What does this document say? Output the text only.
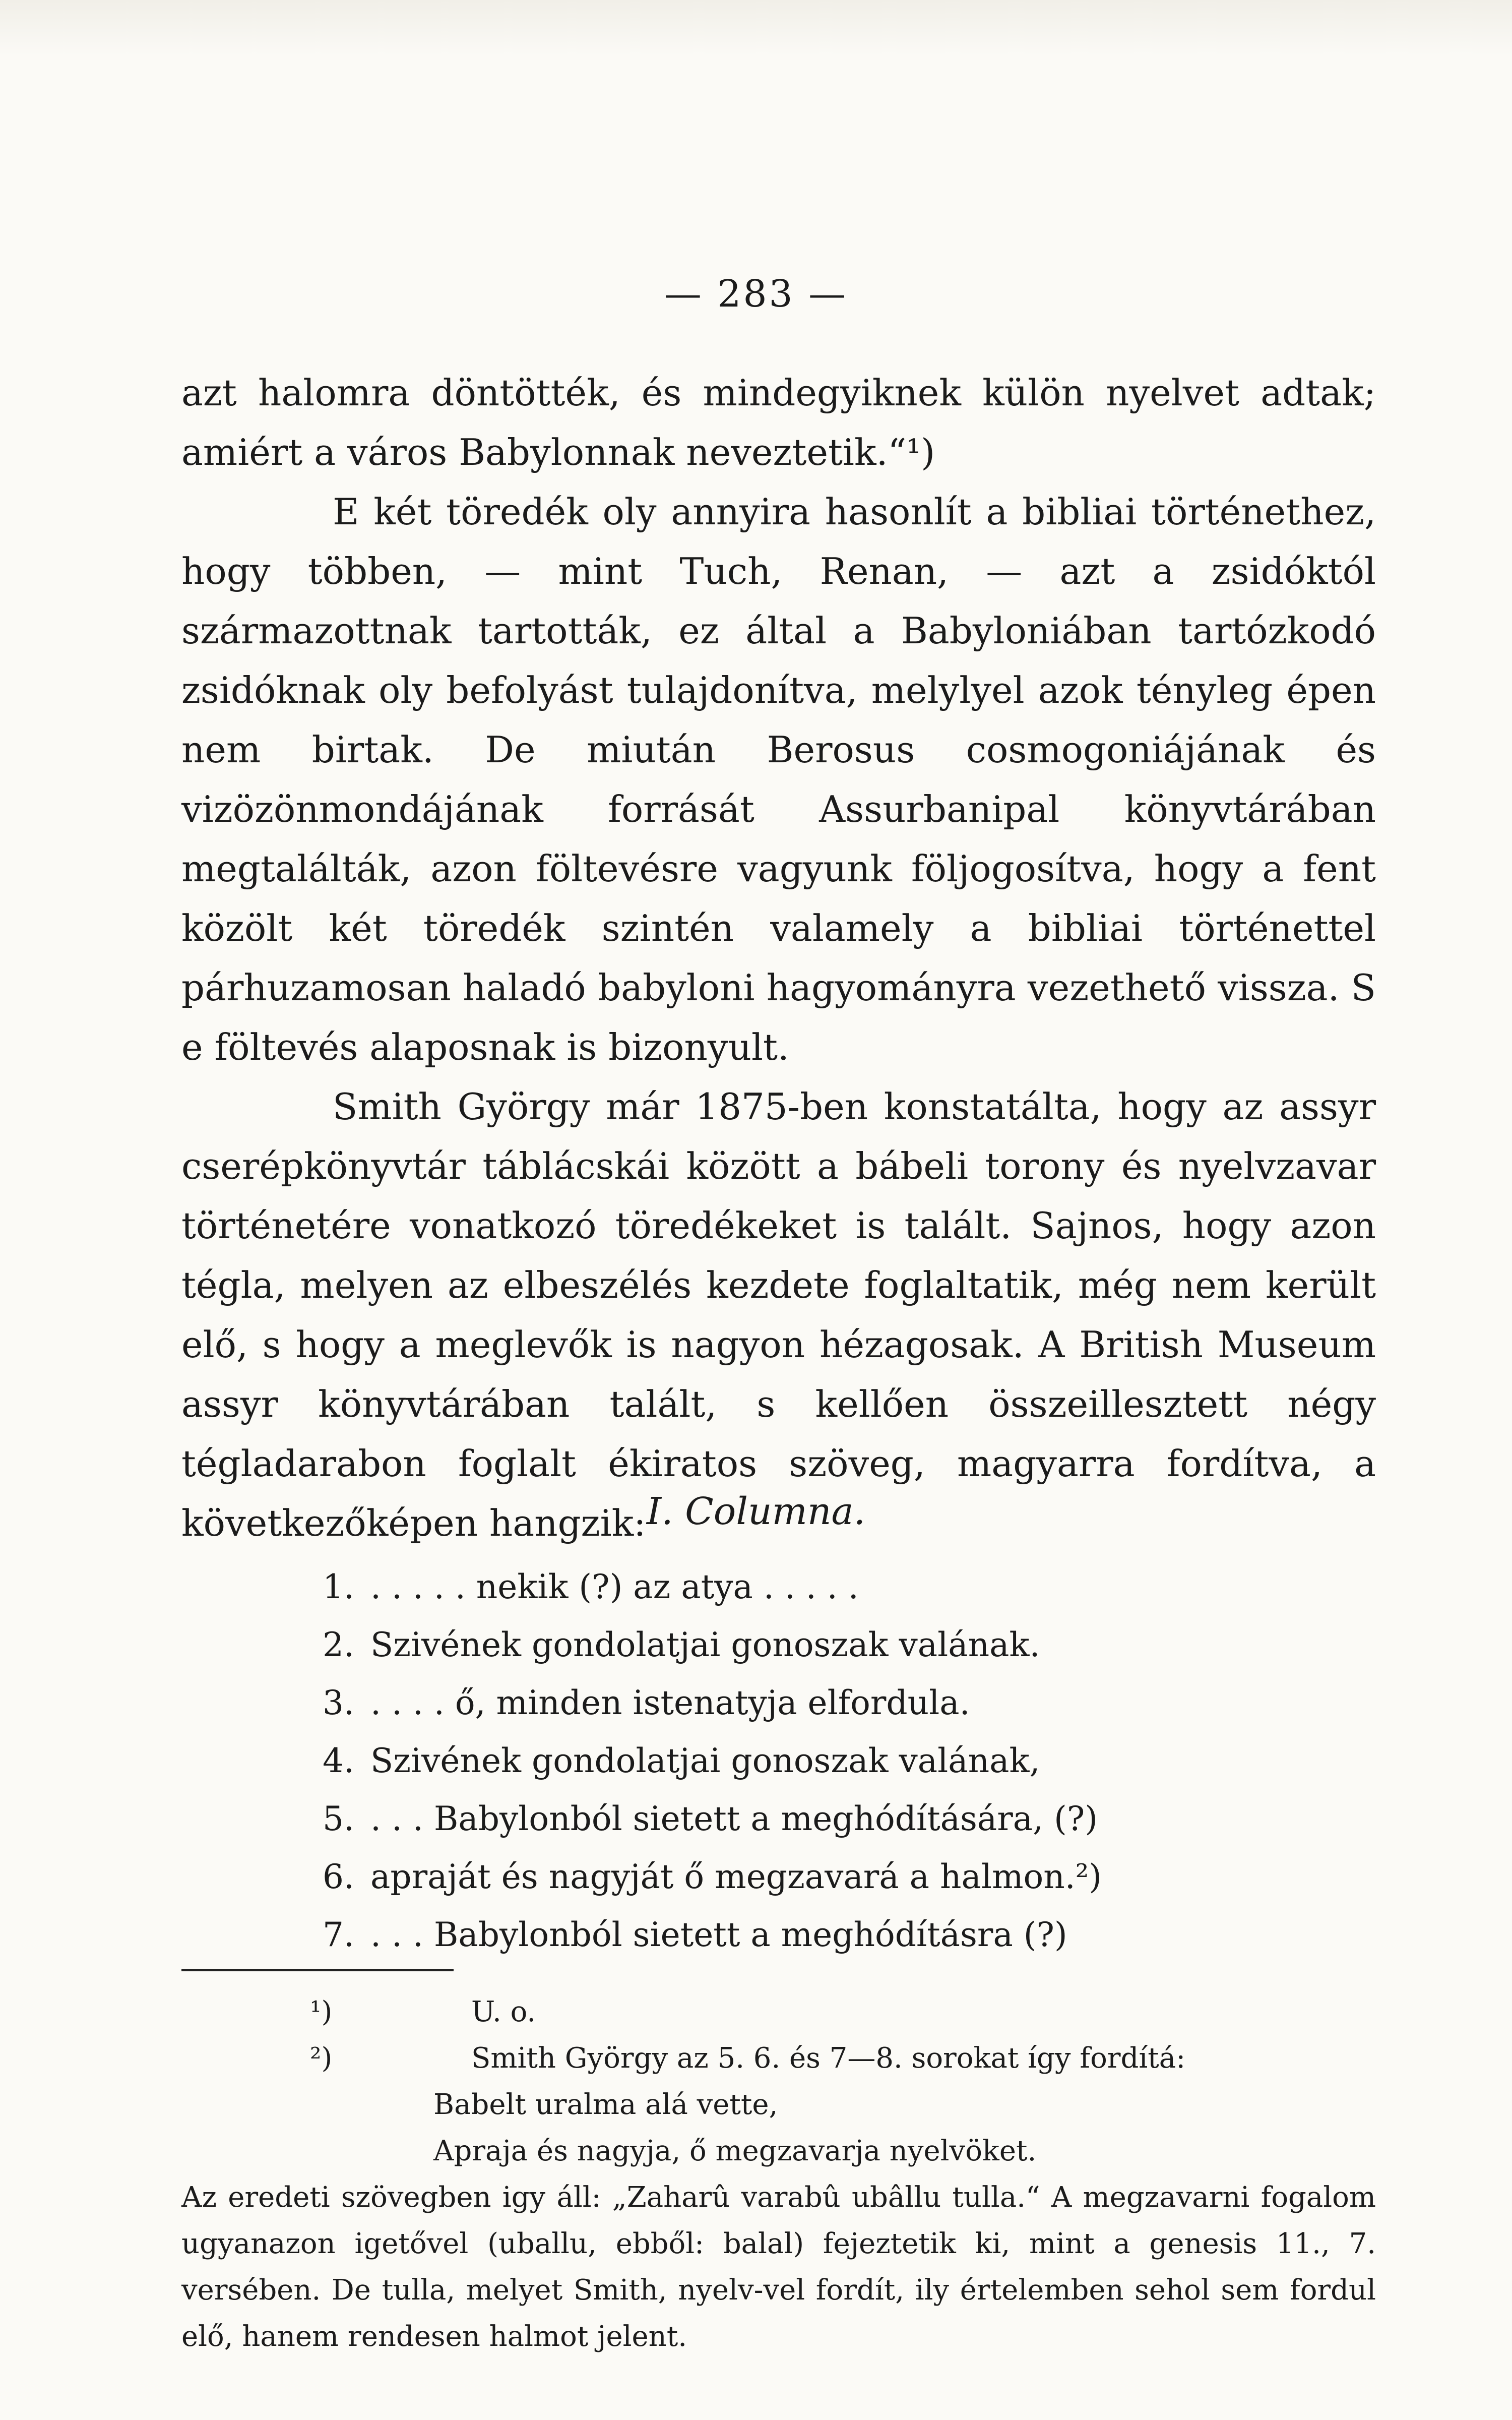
— 283 —

azt halomra döntötték, és mindegyiknek külön nyelvet adtak; amiért a város Babylonnak neveztetik.“¹)

E két töredék oly annyira hasonlít a bibliai történethez, hogy többen, — mint Tuch, Renan, — azt a zsidóktól származottnak tartották, ez által a Babyloniában tartózkodó zsidóknak oly befolyást tulajdonítva, melylyel azok tényleg épen nem birtak. De miután Berosus cosmogoniájának és vizözönmondájának forrását Assurbanipal könyvtárában megtalálták, azon föltevésre vagyunk följogosítva, hogy a fent közölt két töredék szintén valamely a bibliai történettel párhuzamosan haladó babyloni hagyományra vezethető vissza. S e föltevés alaposnak is bizonyult.

Smith György már 1875-ben konstatálta, hogy az assyr cserépkönyvtár táblácskái között a bábeli torony és nyelvzavar történetére vonatkozó töredékeket is talált. Sajnos, hogy azon tégla, melyen az elbeszélés kezdete foglaltatik, még nem került elő, s hogy a meglevők is nagyon hézagosak. A British Museum assyr könyvtárában talált, s kellően összeillesztett négy tégladarabon foglalt ékiratos szöveg, magyarra fordítva, a következőképen hangzik: I. Columna.
1. . . . . . nekik (?) az atya . . . . .
2. Szivének gondolatjai gonoszak valának.
3. . . . . ő, minden istenatyja elfordula.
4. Szivének gondolatjai gonoszak valának,
5. . . . Babylonból sietett a meghódítására, (?)
6. apraját és nagyját ő megzavará a halmon.²)
7. . . . Babylonból sietett a meghódításra (?)
¹)	U. o.
²)	Smith György az 5. 6. és 7—8. sorokat így fordítá:
Babelt uralma alá vette,
Apraja és nagyja, ő megzavarja nyelvöket.

Az eredeti szövegben igy áll: „Zaharû varabû ubâllu tulla.“ A megzavarni fogalom ugyanazon igetővel (uballu, ebből: balal) fejeztetik ki, mint a genesis 11., 7. versében. De tulla, melyet Smith, nyelv-vel fordít, ily értelemben sehol sem fordul elő, hanem rendesen halmot jelent.
